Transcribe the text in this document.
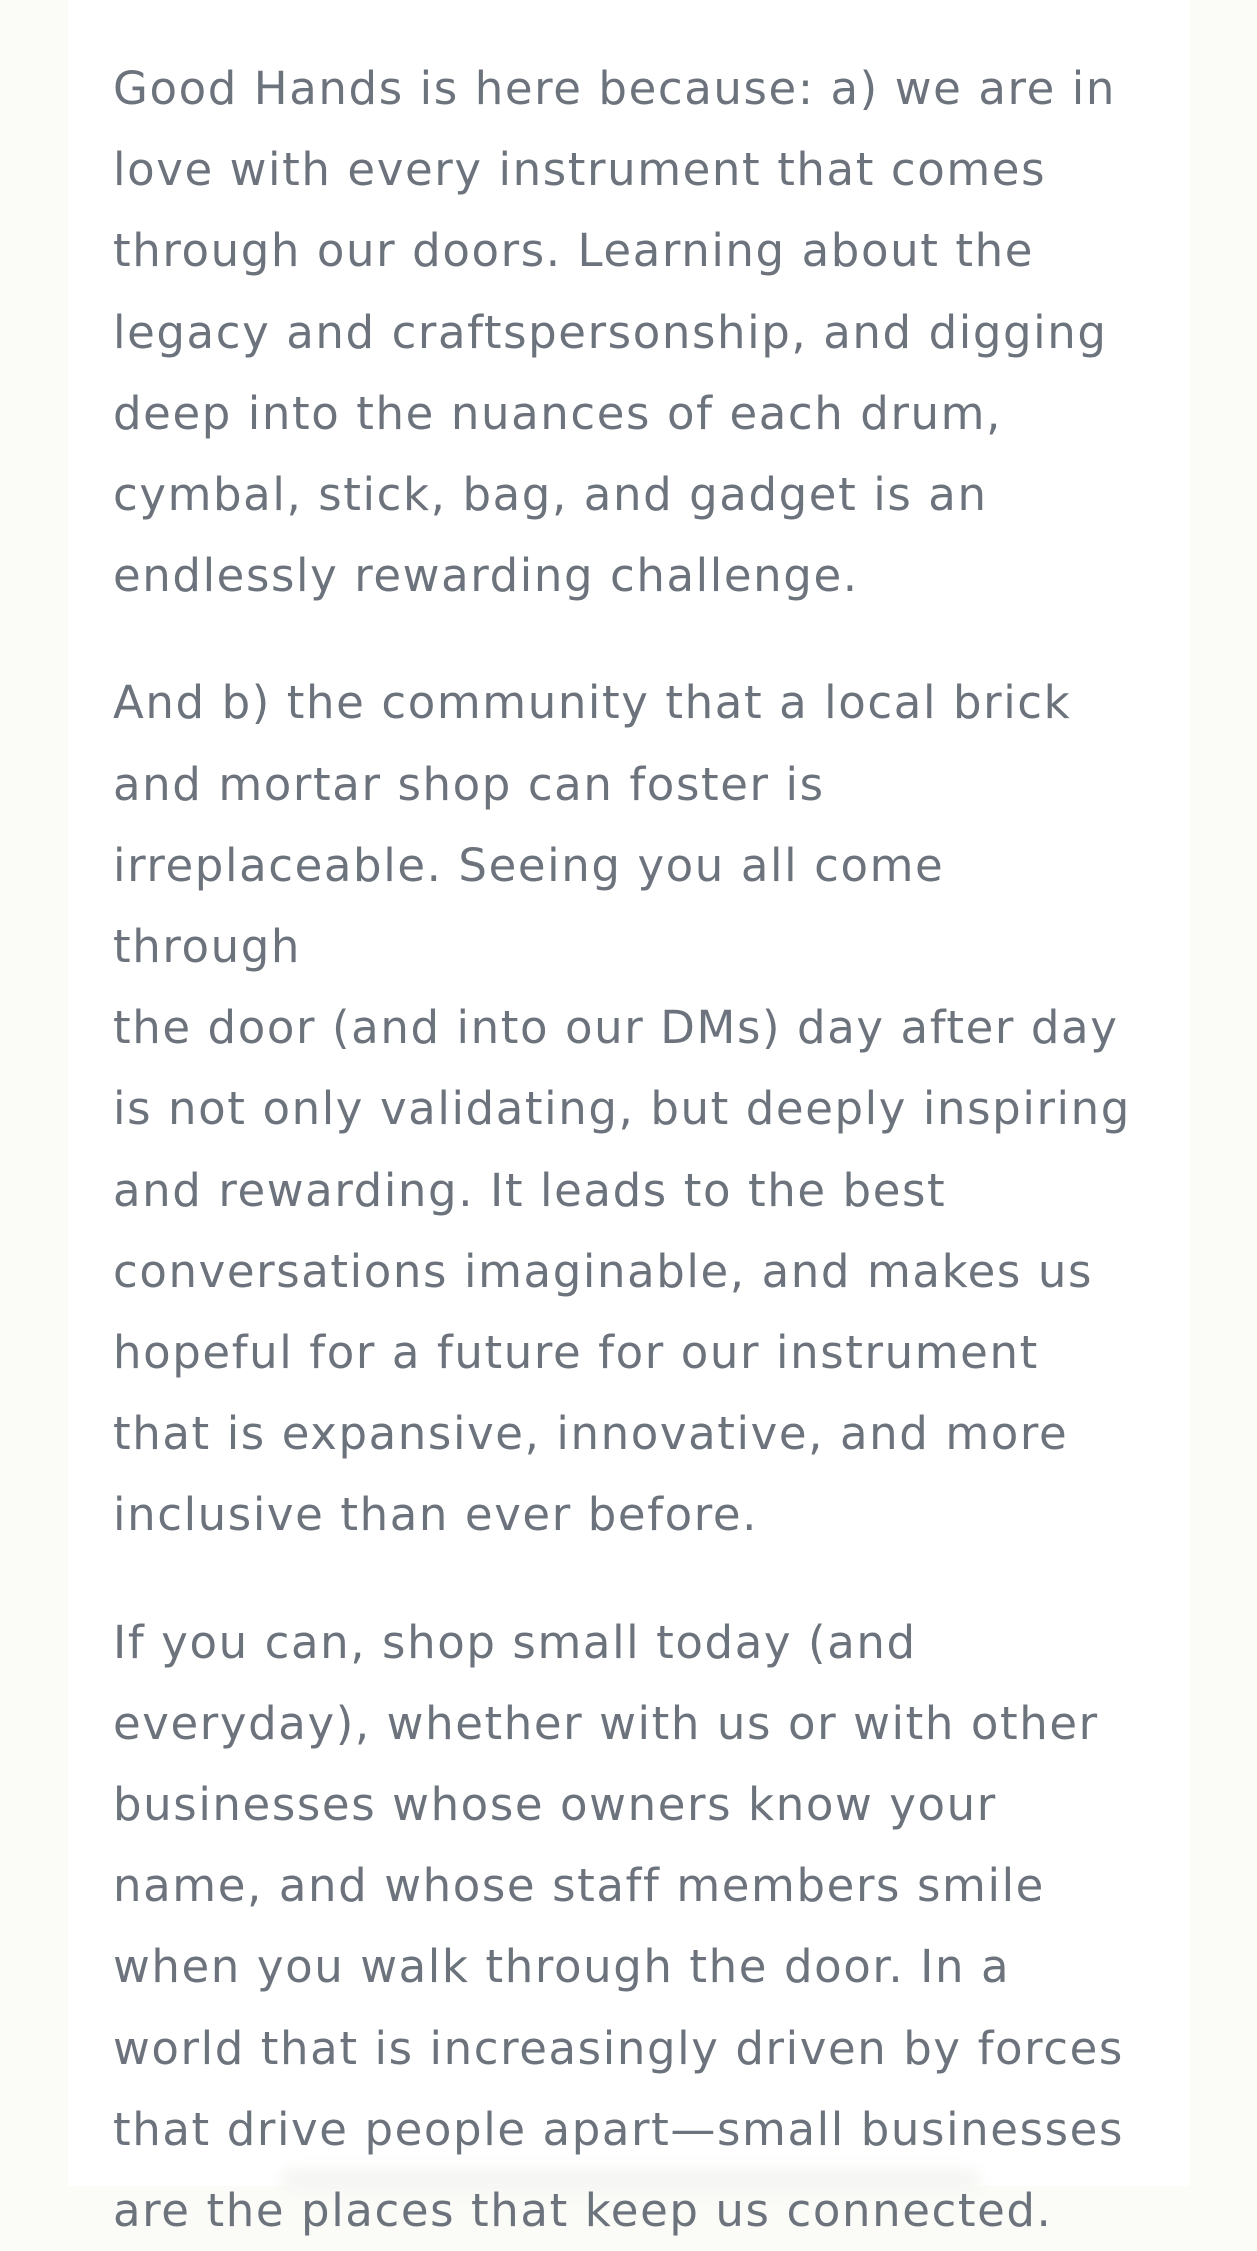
Good Hands is here because: a) we are in
love with every instrument that comes
through our doors. Learning about the
legacy and craftspersonship, and digging
deep into the nuances of each drum,
cymbal, stick, bag, and gadget is an
endlessly rewarding challenge.

And b) the community that a local brick
and mortar shop can foster is
irreplaceable. Seeing you all come through
the door (and into our DMs) day after day
is not only validating, but deeply inspiring
and rewarding. It leads to the best
conversations imaginable, and makes us
hopeful for a future for our instrument
that is expansive, innovative, and more
inclusive than ever before.

If you can, shop small today (and
everyday), whether with us or with other
businesses whose owners know your
name, and whose staff members smile
when you walk through the door. In a
world that is increasingly driven by forces
that drive people apart—small businesses
are the places that keep us connected.
